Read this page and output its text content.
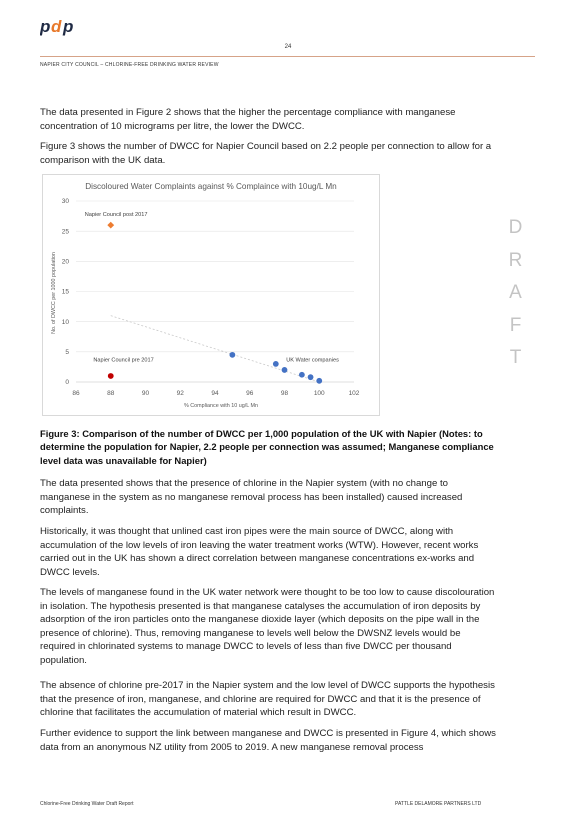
p d p
24
NAPIER CITY COUNCIL – CHLORINE-FREE DRINKING WATER REVIEW

The data presented in Figure 2 shows that the higher the percentage compliance with manganese concentration of 10 micrograms per litre, the lower the DWCC.

Figure 3 shows the number of DWCC for Napier Council based on 2.2 people per connection to allow for a comparison with the UK data.

Discoloured Water Complaints against % Complaince with 10ug/L Mn
0
5
10
15
20
25
30
86	88	90	92	94	96	98	100	102
Napier Council post 2017
Napier Council pre 2017	UK Water companies
% Compliance with 10 ug/L Mn
No. of DWCC per 1000 population

Figure 3: Comparison of the number of DWCC per 1,000 population of the UK with Napier (Notes: to determine the population for Napier, 2.2 people per connection was assumed; Manganese compliance level data was unavailable for Napier)

The data presented shows that the presence of chlorine in the Napier system (with no change to manganese in the system as no manganese removal process has been installed) caused increased complaints.

Historically, it was thought that unlined cast iron pipes were the main source of DWCC, along with accumulation of the low levels of iron leaving the water treatment works (WTW). However, recent works carried out in the UK has shown a direct correlation between manganese concentrations ex-works and DWCC levels.

The levels of manganese found in the UK water network were thought to be too low to cause discolouration in isolation. The hypothesis presented is that manganese catalyses the accumulation of iron deposits by adsorption of the iron particles onto the manganese dioxide layer (which deposits on the pipe wall in the presence of chlorine). Thus, removing manganese to levels well below the DWSNZ levels would be required in chlorinated systems to manage DWCC to levels of less than five DWCC per thousand population.

The absence of chlorine pre-2017 in the Napier system and the low level of DWCC supports the hypothesis that the presence of iron, manganese, and chlorine are required for DWCC and that it is the presence of chlorine that facilitates the accumulation of material which result in DWCC.

Further evidence to support the link between manganese and DWCC is presented in Figure 4, which shows data from an anonymous NZ utility from 2005 to 2019. A new manganese removal process

D
R
A
F
T
Chlorine-Free Drinking Water Draft Report	PATTLE DELAMORE PARTNERS LTD
